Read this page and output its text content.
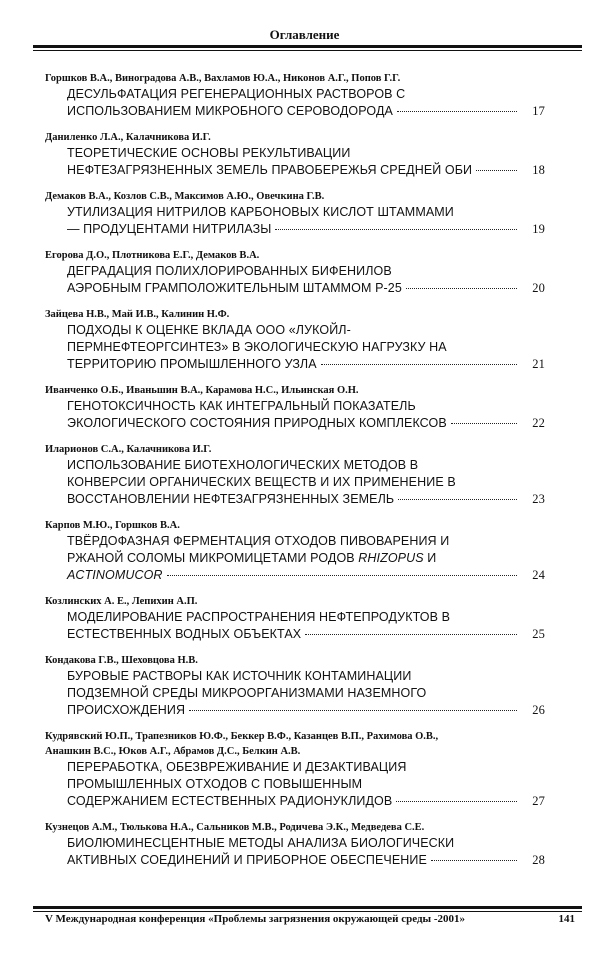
Оглавление
Горшков В.А., Виноградова А.В., Вахламов Ю.А., Никонов А.Г., Попов Г.Г.
ДЕСУЛЬФАТАЦИЯ РЕГЕНЕРАЦИОННЫХ РАСТВОРОВ С
ИСПОЛЬЗОВАНИЕМ МИКРОБНОГО СЕРОВОДОРОДА	17
Даниленко Л.А., Калачникова И.Г.
ТЕОРЕТИЧЕСКИЕ ОСНОВЫ РЕКУЛЬТИВАЦИИ
НЕФТЕЗАГРЯЗНЕННЫХ ЗЕМЕЛЬ ПРАВОБЕРЕЖЬЯ СРЕДНЕЙ ОБИ	18
Демаков В.А., Козлов С.В., Максимов А.Ю., Овечкина Г.В.
УТИЛИЗАЦИЯ НИТРИЛОВ КАРБОНОВЫХ КИСЛОТ ШТАММАМИ
— ПРОДУЦЕНТАМИ НИТРИЛАЗЫ	19
Егорова Д.О., Плотникова Е.Г., Демаков В.А.
ДЕГРАДАЦИЯ ПОЛИХЛОРИРОВАННЫХ БИФЕНИЛОВ
АЭРОБНЫМ ГРАМПОЛОЖИТЕЛЬНЫМ ШТАММОМ Р-25	20
Зайцева Н.В., Май И.В., Калинин Н.Ф.
ПОДХОДЫ К ОЦЕНКЕ ВКЛАДА ООО «ЛУКОЙЛ-
ПЕРМНЕФТЕОРГСИНТЕЗ» В ЭКОЛОГИЧЕСКУЮ НАГРУЗКУ НА
ТЕРРИТОРИЮ ПРОМЫШЛЕННОГО УЗЛА	21
Иванченко О.Б., Иваньшин В.А., Карамова Н.С., Ильинская О.Н.
ГЕНОТОКСИЧНОСТЬ КАК ИНТЕГРАЛЬНЫЙ ПОКАЗАТЕЛЬ
ЭКОЛОГИЧЕСКОГО СОСТОЯНИЯ ПРИРОДНЫХ КОМПЛЕКСОВ	22
Иларионов С.А., Калачникова И.Г.
ИСПОЛЬЗОВАНИЕ БИОТЕХНОЛОГИЧЕСКИХ МЕТОДОВ В
КОНВЕРСИИ ОРГАНИЧЕСКИХ ВЕЩЕСТВ И ИХ ПРИМЕНЕНИЕ В
ВОССТАНОВЛЕНИИ НЕФТЕЗАГРЯЗНЕННЫХ ЗЕМЕЛЬ	23
Карпов М.Ю., Горшков В.А.
ТВЁРДОФАЗНАЯ ФЕРМЕНТАЦИЯ ОТХОДОВ ПИВОВАРЕНИЯ И
РЖАНОЙ СОЛОМЫ МИКРОМИЦЕТАМИ РОДОВ RHIZOPUS И
ACTINOMUCOR	24
Козлинских А. Е., Лепихин А.П.
МОДЕЛИРОВАНИЕ РАСПРОСТРАНЕНИЯ НЕФТЕПРОДУКТОВ В
ЕСТЕСТВЕННЫХ ВОДНЫХ ОБЪЕКТАХ	25
Кондакова Г.В., Шеховцова Н.В.
БУРОВЫЕ РАСТВОРЫ КАК ИСТОЧНИК КОНТАМИНАЦИИ
ПОДЗЕМНОЙ СРЕДЫ МИКРООРГАНИЗМАМИ НАЗЕМНОГО
ПРОИСХОЖДЕНИЯ	26
Кудрявский Ю.П., Трапезников Ю.Ф., Беккер В.Ф., Казанцев В.П., Рахимова О.В.,
Анашкин В.С., Юков А.Г., Абрамов Д.С., Белкин А.В.
ПЕРЕРАБОТКА, ОБЕЗВРЕЖИВАНИЕ И ДЕЗАКТИВАЦИЯ
ПРОМЫШЛЕННЫХ ОТХОДОВ С ПОВЫШЕННЫМ
СОДЕРЖАНИЕМ ЕСТЕСТВЕННЫХ РАДИОНУКЛИДОВ	27
Кузнецов А.М., Тюлькова Н.А., Сальников М.В., Родичева Э.К., Медведева С.Е.
БИОЛЮМИНЕСЦЕНТНЫЕ МЕТОДЫ АНАЛИЗА БИОЛОГИЧЕСКИ
АКТИВНЫХ СОЕДИНЕНИЙ И ПРИБОРНОЕ ОБЕСПЕЧЕНИЕ	28
V Международная конференция «Проблемы загрязнения окружающей среды -2001»	141
